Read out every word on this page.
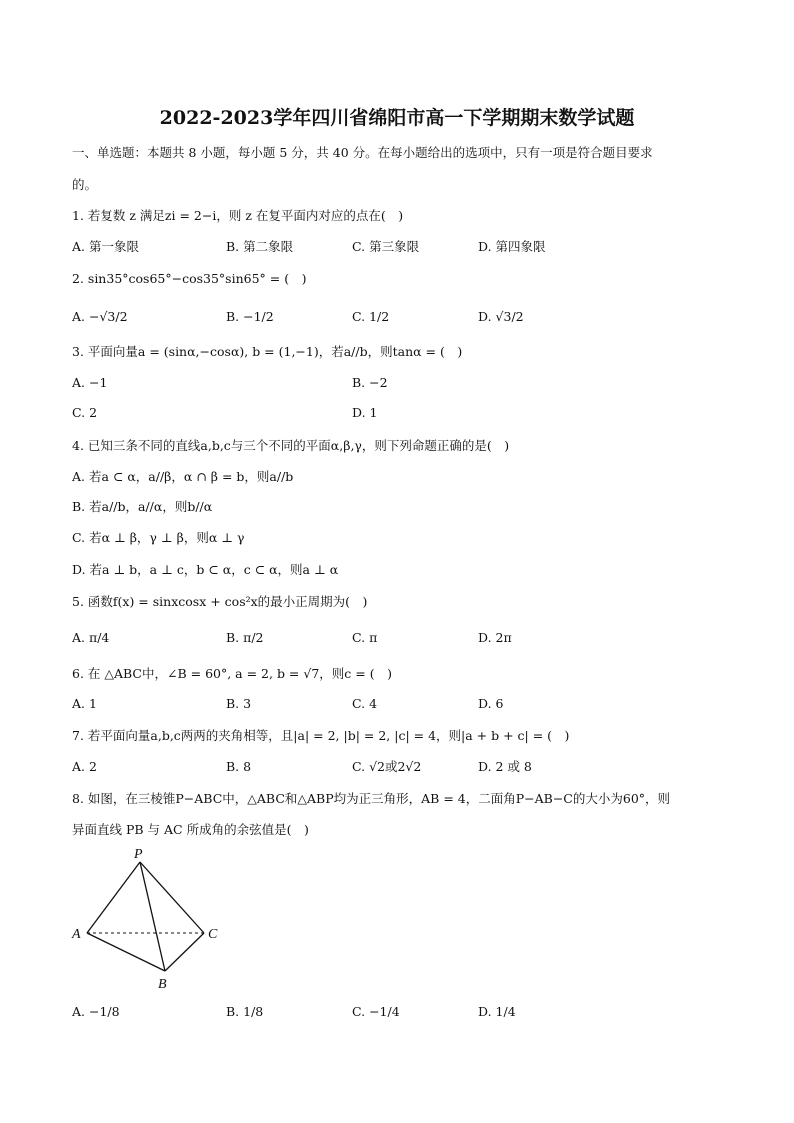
2022-2023学年四川省绵阳市高一下学期期末数学试题
一、单选题：本题共 8 小题，每小题 5 分，共 40 分。在每小题给出的选项中，只有一项是符合题目要求
的。
1. 若复数 z 满足zi = 2−i，则 z 在复平面内对应的点在(　)
A. 第一象限	B. 第二象限	C. 第三象限	D. 第四象限
2. sin35°cos65°−cos35°sin65° = (　)
A. −√3/2	B. −1/2	C. 1/2	D. √3/2
3. 平面向量a = (sinα,−cosα), b = (1,−1)，若a//b，则tanα = (　)
A. −1	B. −2
C. 2	D. 1
4. 已知三条不同的直线a,b,c与三个不同的平面α,β,γ，则下列命题正确的是(　)
A. 若a ⊂ α，a//β，α ∩ β = b，则a//b
B. 若a//b，a//α，则b//α
C. 若α ⊥ β，γ ⊥ β，则α ⊥ γ
D. 若a ⊥ b，a ⊥ c，b ⊂ α，c ⊂ α，则a ⊥ α
5. 函数f(x) = sinxcosx + cos²x的最小正周期为(　)
A. π/4	B. π/2	C. π	D. 2π
6. 在 △ABC中，∠B = 60°, a = 2, b = √7，则c = (　)
A. 1	B. 3	C. 4	D. 6
7. 若平面向量a,b,c两两的夹角相等，且|a| = 2, |b| = 2, |c| = 4，则|a + b + c| = (　)
A. 2	B. 8	C. √2或2√2	D. 2 或 8
8. 如图，在三棱锥P−ABC中，△ABC和△ABP均为正三角形，AB = 4，二面角P−AB−C的大小为60°，则
异面直线 PB 与 AC 所成角的余弦值是(　)
P
A
B
C
A. −1/8	B. 1/8	C. −1/4	D. 1/4
